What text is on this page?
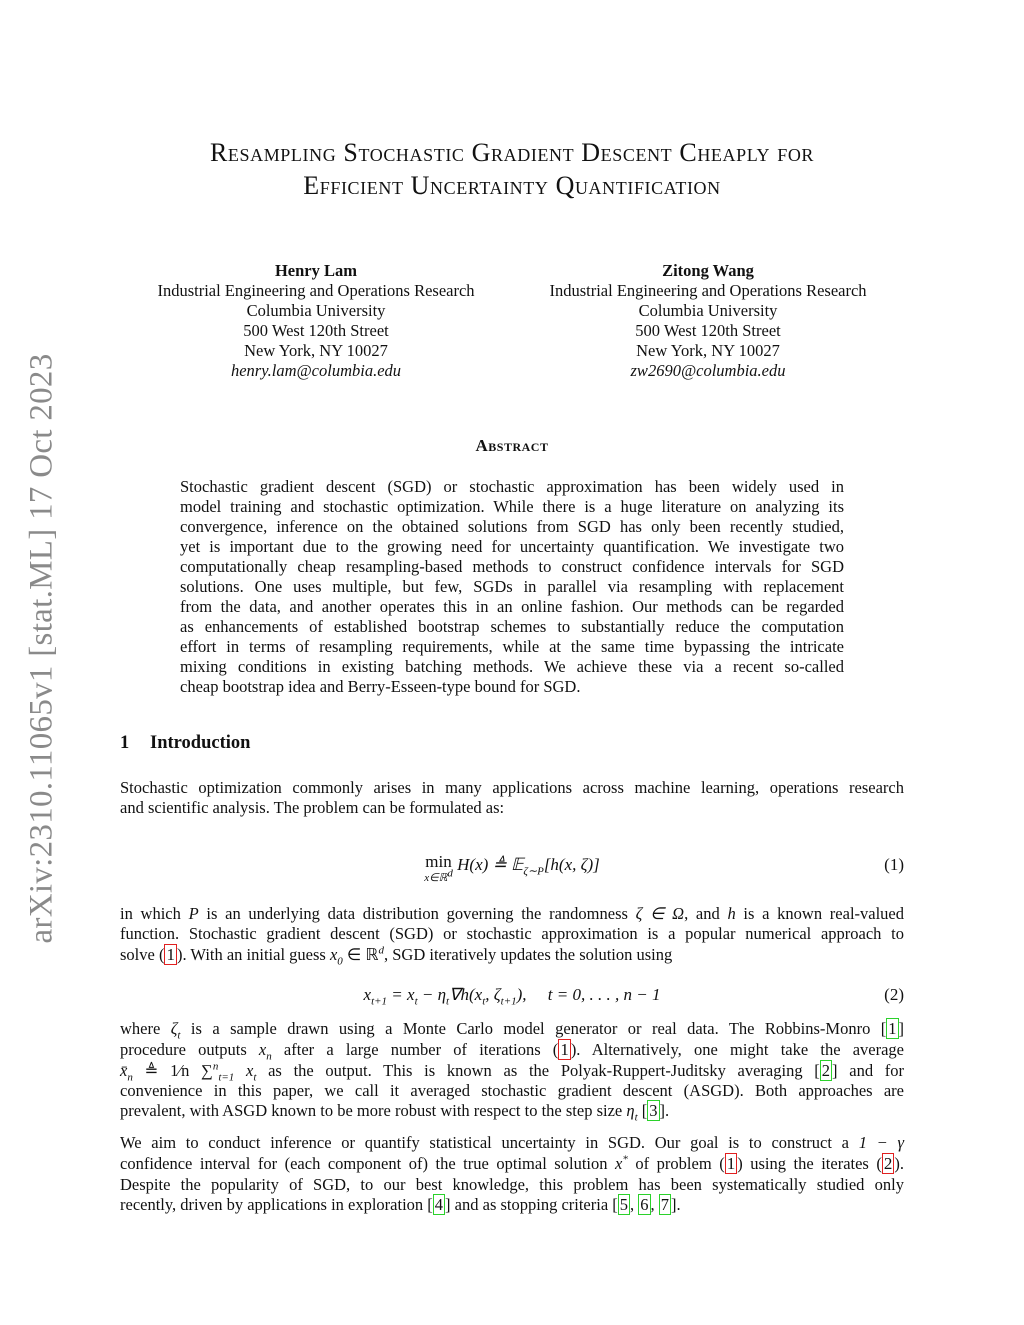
arXiv:2310.11065v1 [stat.ML] 17 Oct 2023
Resampling Stochastic Gradient Descent Cheaply for
Efficient Uncertainty Quantification
Henry Lam
Industrial Engineering and Operations Research
Columbia University
500 West 120th Street
New York, NY 10027
henry.lam@columbia.edu
Zitong Wang
Industrial Engineering and Operations Research
Columbia University
500 West 120th Street
New York, NY 10027
zw2690@columbia.edu
Abstract
Stochastic gradient descent (SGD) or stochastic approximation has been widely used in
model training and stochastic optimization. While there is a huge literature on analyzing its
convergence, inference on the obtained solutions from SGD has only been recently studied,
yet is important due to the growing need for uncertainty quantification. We investigate two
computationally cheap resampling-based methods to construct confidence intervals for SGD
solutions. One uses multiple, but few, SGDs in parallel via resampling with replacement
from the data, and another operates this in an online fashion. Our methods can be regarded
as enhancements of established bootstrap schemes to substantially reduce the computation
effort in terms of resampling requirements, while at the same time bypassing the intricate
mixing conditions in existing batching methods. We achieve these via a recent so-called
cheap bootstrap idea and Berry-Esseen-type bound for SGD.
1 Introduction
Stochastic optimization commonly arises in many applications across machine learning, operations research
and scientific analysis. The problem can be formulated as:
min
x∈ℝ$^d$ H(x) ≜ 𝔼$_{\zeta\sim P}$[h(x, ζ)]	(1)
in which P is an underlying data distribution governing the randomness ζ ∈ Ω, and h is a known real-valued
function. Stochastic gradient descent (SGD) or stochastic approximation is a popular numerical approach to
solve ( 1 ). With an initial guess $x_0$ ∈ ℝ$^d$, SGD iteratively updates the solution using
$x_{t+1} = x_t - \eta_t\nabla h(x_t$, $\zeta_{t+1}$),     t = 0, . . . , n − 1	(2)
where $\zeta_t$ is a sample drawn using a Monte Carlo model generator or real data. The Robbins-Monro [ 1 ]
procedure outputs $x_n$ after a large number of iterations ( 1 ). Alternatively, one might take the average
$x̄_n$ ≜ 1⁄n ∑$^n_{t=1}$ $x_t$ as the output. This is known as the Polyak-Ruppert-Juditsky averaging [ 2 ] and for
convenience in this paper, we call it averaged stochastic gradient descent (ASGD). Both approaches are
prevalent, with ASGD known to be more robust with respect to the step size $\eta_t$ [ 3 ].
We aim to conduct inference or quantify statistical uncertainty in SGD. Our goal is to construct a 1 − γ
confidence interval for (each component of) the true optimal solution x* of problem ( 1 ) using the iterates ( 2 ).
Despite the popularity of SGD, to our best knowledge, this problem has been systematically studied only
recently, driven by applications in exploration [ 4 ] and as stopping criteria [ 5 , 6 , 7 ].
